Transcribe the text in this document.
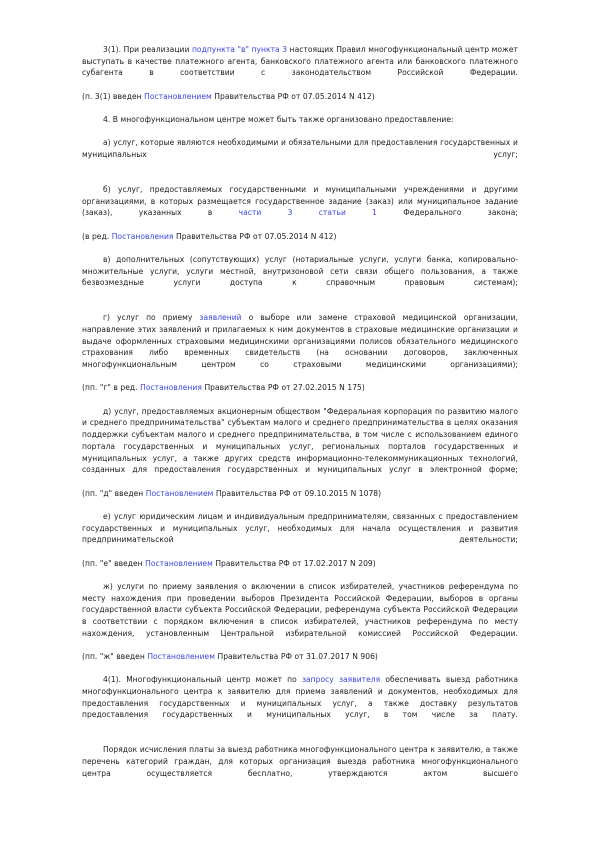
3(1). При реализации подпункта "в" пункта 3 настоящих Правил многофункциональный центр может выступать в качестве платежного агента, банковского платежного агента или банковского платежного субагента в соответствии с законодательством Российской Федерации.

(п. 3(1) введен Постановлением Правительства РФ от 07.05.2014 N 412)

4. В многофункциональном центре может быть также организовано предоставление:

а) услуг, которые являются необходимыми и обязательными для предоставления государственных и муниципальных услуг;

б) услуг, предоставляемых государственными и муниципальными учреждениями и другими организациями, в которых размещается государственное задание (заказ) или муниципальное задание (заказ), указанных в части 3 статьи 1 Федерального закона;

(в ред. Постановления Правительства РФ от 07.05.2014 N 412)

в) дополнительных (сопутствующих) услуг (нотариальные услуги, услуги банка, копировально-множительные услуги, услуги местной, внутризоновой сети связи общего пользования, а также безвозмездные услуги доступа к справочным правовым системам);

г) услуг по приему заявлений о выборе или замене страховой медицинской организации, направление этих заявлений и прилагаемых к ним документов в страховые медицинские организации и выдаче оформленных страховыми медицинскими организациями полисов обязательного медицинского страхования либо временных свидетельств (на основании договоров, заключенных многофункциональным центром со страховыми медицинскими организациями);

(пп. "г" в ред. Постановления Правительства РФ от 27.02.2015 N 175)

д) услуг, предоставляемых акционерным обществом "Федеральная корпорация по развитию малого и среднего предпринимательства" субъектам малого и среднего предпринимательства в целях оказания поддержки субъектам малого и среднего предпринимательства, в том числе с использованием единого портала государственных и муниципальных услуг, региональных порталов государственных и муниципальных услуг, а также других средств информационно-телекоммуникационных технологий, созданных для предоставления государственных и муниципальных услуг в электронной форме;

(пп. "д" введен Постановлением Правительства РФ от 09.10.2015 N 1078)

е) услуг юридическим лицам и индивидуальным предпринимателям, связанных с предоставлением государственных и муниципальных услуг, необходимых для начала осуществления и развития предпринимательской деятельности;

(пп. "е" введен Постановлением Правительства РФ от 17.02.2017 N 209)

ж) услуги по приему заявления о включении в список избирателей, участников референдума по месту нахождения при проведении выборов Президента Российской Федерации, выборов в органы государственной власти субъекта Российской Федерации, референдума субъекта Российской Федерации в соответствии с порядком включения в список избирателей, участников референдума по месту нахождения, установленным Центральной избирательной комиссией Российской Федерации.

(пп. "ж" введен Постановлением Правительства РФ от 31.07.2017 N 906)

4(1). Многофункциональный центр может по запросу заявителя обеспечивать выезд работника многофункционального центра к заявителю для приема заявлений и документов, необходимых для предоставления государственных и муниципальных услуг, а также доставку результатов предоставления государственных и муниципальных услуг, в том числе за плату.

Порядок исчисления платы за выезд работника многофункционального центра к заявителю, а также перечень категорий граждан, для которых организация выезда работника многофункционального центра осуществляется бесплатно, утверждаются актом высшего
